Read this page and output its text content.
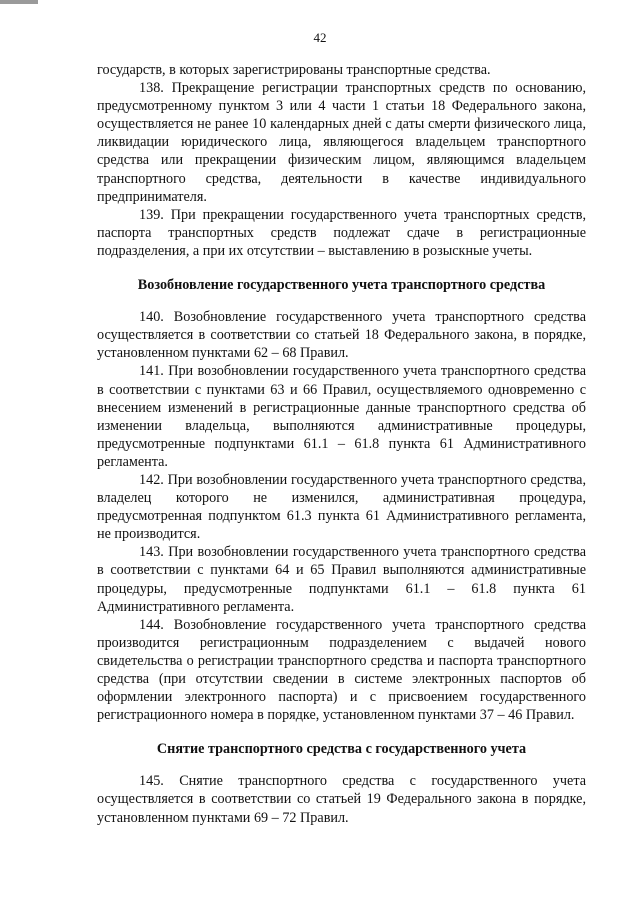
42

государств, в которых зарегистрированы транспортные средства.

138. Прекращение регистрации транспортных средств по основанию, предусмотренному пунктом 3 или 4 части 1 статьи 18 Федерального закона, осуществляется не ранее 10 календарных дней с даты смерти физического лица, ликвидации юридического лица, являющегося владельцем транспортного средства или прекращении физическим лицом, являющимся владельцем транспортного средства, деятельности в качестве индивидуального предпринимателя.

139. При прекращении государственного учета транспортных средств, паспорта транспортных средств подлежат сдаче в регистрационные подразделения, а при их отсутствии – выставлению в розыскные учеты.

Возобновление государственного учета транспортного средства

140. Возобновление государственного учета транспортного средства осуществляется в соответствии со статьей 18 Федерального закона, в порядке, установленном пунктами 62 – 68 Правил.

141. При возобновлении государственного учета транспортного средства в соответствии с пунктами 63 и 66 Правил, осуществляемого одновременно с внесением изменений в регистрационные данные транспортного средства об изменении владельца, выполняются административные процедуры, предусмотренные подпунктами 61.1 – 61.8 пункта 61 Административного регламента.

142. При возобновлении государственного учета транспортного средства, владелец которого не изменился, административная процедура, предусмотренная подпунктом 61.3 пункта 61 Административного регламента, не производится.

143. При возобновлении государственного учета транспортного средства в соответствии с пунктами 64 и 65 Правил выполняются административные процедуры, предусмотренные подпунктами 61.1 – 61.8 пункта 61 Административного регламента.

144. Возобновление государственного учета транспортного средства производится регистрационным подразделением с выдачей нового свидетельства о регистрации транспортного средства и паспорта транспортного средства (при отсутствии сведении в системе электронных паспортов об оформлении электронного паспорта) и с присвоением государственного регистрационного номера в порядке, установленном пунктами 37 – 46 Правил.

Снятие транспортного средства с государственного учета

145. Снятие транспортного средства с государственного учета осуществляется в соответствии со статьей 19 Федерального закона в порядке, установленном пунктами 69 – 72 Правил.
